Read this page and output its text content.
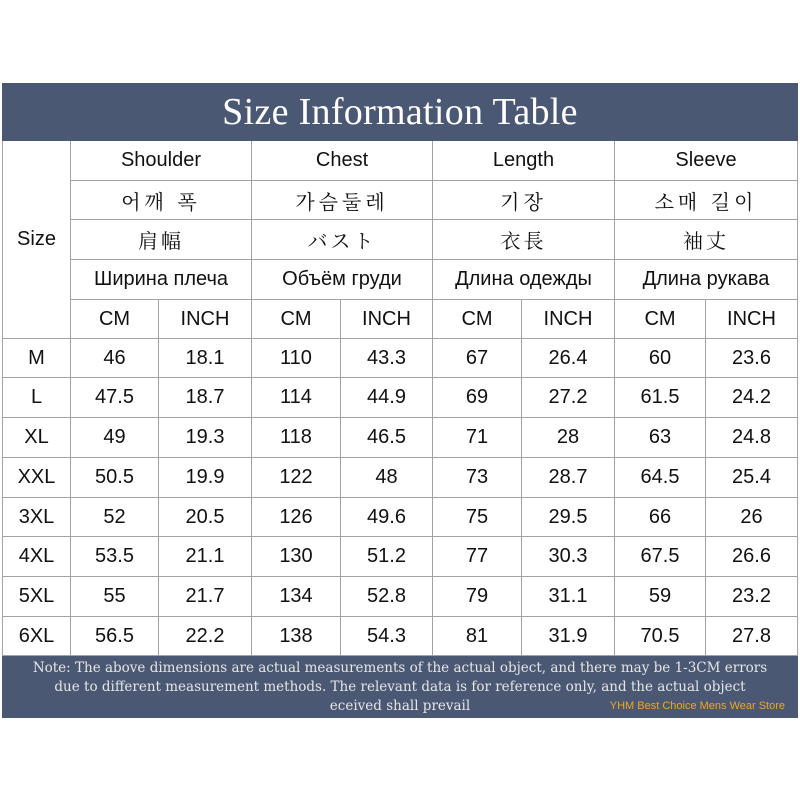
Size Information Table
Size
Shoulder	Chest	Length	Sleeve
어깨 폭	가슴둘레	기장	소매 길이
肩幅	バスト	衣長	袖丈
Ширина плеча	Объём груди	Длина одежды	Длина рукава
CM	INCH	CM	INCH	CM	INCH	CM	INCH
M	46	18.1	110	43.3	67	26.4	60	23.6
L	47.5	18.7	114	44.9	69	27.2	61.5	24.2
XL	49	19.3	118	46.5	71	28	63	24.8
XXL	50.5	19.9	122	48	73	28.7	64.5	25.4
3XL	52	20.5	126	49.6	75	29.5	66	26
4XL	53.5	21.1	130	51.2	77	30.3	67.5	26.6
5XL	55	21.7	134	52.8	79	31.1	59	23.2
6XL	56.5	22.2	138	54.3	81	31.9	70.5	27.8
Note: The above dimensions are actual measurements of the actual object, and there may be 1-3CM errors
due to different measurement methods. The relevant data is for reference only, and the actual object
eceived shall prevail	YHM Best Choice Mens Wear Store
